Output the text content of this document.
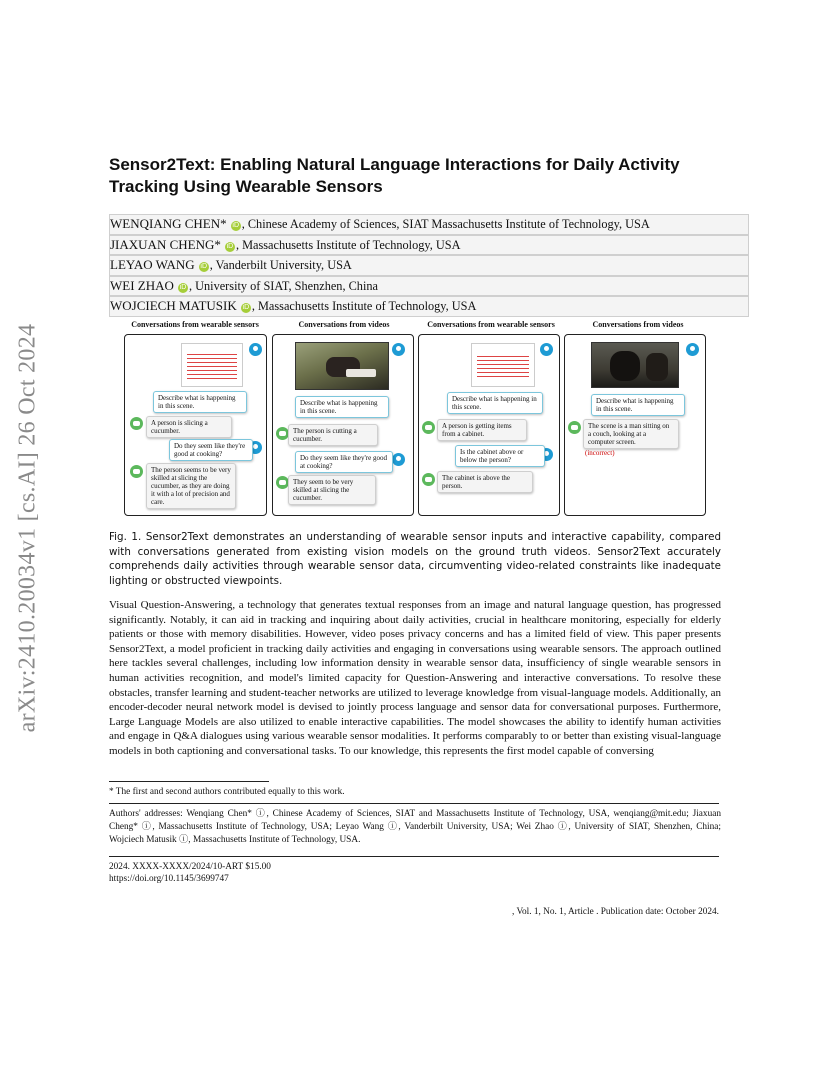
arXiv:2410.20034v1 [cs.AI] 26 Oct 2024
Sensor2Text: Enabling Natural Language Interactions for Daily Activity Tracking Using Wearable Sensors
WENQIANG CHEN* iD , Chinese Academy of Sciences, SIAT Massachusetts Institute of Technology, USA
JIAXUAN CHENG* iD , Massachusetts Institute of Technology, USA
LEYAO WANG iD , Vanderbilt University, USA
WEI ZHAO iD , University of SIAT, Shenzhen, China
WOJCIECH MATUSIK iD , Massachusetts Institute of Technology, USA
Conversations from wearable sensors	Conversations from videos	Conversations from wearable sensors	Conversations from videos
Describe what is happening in this scene.
A person is slicing a cucumber.
Do they seem like they're good at cooking?
The person seems to be very skilled at slicing the cucumber, as they are doing it with a lot of precision and care.
Describe what is happening in this scene.
The person is cutting a cucumber.
Do they seem like they're good at cooking?
They seem to be very skilled at slicing the cucumber.
Describe what is happening in this scene.
A person is getting items from a cabinet.
Is the cabinet above or below the person?
The cabinet is above the person.
Describe what is happening in this scene.
The scene is a man sitting on a couch, looking at a computer screen.
(incorrect)
Fig. 1. Sensor2Text demonstrates an understanding of wearable sensor inputs and interactive capability, compared with conversations generated from existing vision models on the ground truth videos. Sensor2Text accurately comprehends daily activities through wearable sensor data, circumventing video-related constraints like inadequate lighting or obstructed viewpoints.
Visual Question-Answering, a technology that generates textual responses from an image and natural language question, has progressed significantly. Notably, it can aid in tracking and inquiring about daily activities, crucial in healthcare monitoring, especially for elderly patients or those with memory disabilities. However, video poses privacy concerns and has a limited field of view. This paper presents Sensor2Text, a model proficient in tracking daily activities and engaging in conversations using wearable sensors. The approach outlined here tackles several challenges, including low information density in wearable sensor data, insufficiency of single wearable sensors in human activities recognition, and model's limited capacity for Question-Answering and interactive conversations. To resolve these obstacles, transfer learning and student-teacher networks are utilized to leverage knowledge from visual-language models. Additionally, an encoder-decoder neural network model is devised to jointly process language and sensor data for conversational purposes. Furthermore, Large Language Models are also utilized to enable interactive capabilities. The model showcases the ability to identify human activities and engage in Q&A dialogues using various wearable sensor modalities. It performs comparably to or better than existing visual-language models in both captioning and conversational tasks. To our knowledge, this represents the first model capable of conversing
* The first and second authors contributed equally to this work.
Authors' addresses: Wenqiang Chen* ⓘ, Chinese Academy of Sciences, SIAT and Massachusetts Institute of Technology, USA, wenqiang@mit.edu; Jiaxuan Cheng* ⓘ, Massachusetts Institute of Technology, USA; Leyao Wang ⓘ, Vanderbilt University, USA; Wei Zhao ⓘ, University of SIAT, Shenzhen, China; Wojciech Matusik ⓘ, Massachusetts Institute of Technology, USA.
2024. XXXX-XXXX/2024/10-ART $15.00
https://doi.org/10.1145/3699747
, Vol. 1, No. 1, Article . Publication date: October 2024.
